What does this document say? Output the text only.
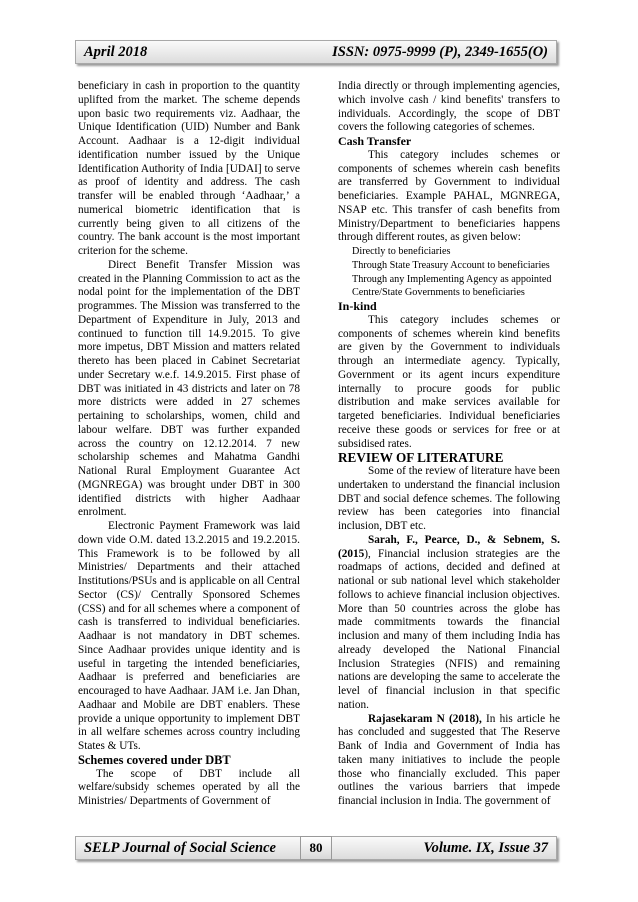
April 2018	ISSN: 0975-9999 (P), 2349-1655(O)

beneficiary in cash in proportion to the quantity uplifted from the market. The scheme depends upon basic two requirements viz. Aadhaar, the Unique Identification (UID) Number and Bank Account. Aadhaar is a 12-digit individual identification number issued by the Unique Identification Authority of India [UDAI] to serve as proof of identity and address. The cash transfer will be enabled through ‘Aadhaar,’ a numerical biometric identification that is currently being given to all citizens of the country. The bank account is the most important criterion for the scheme.

Direct Benefit Transfer Mission was created in the Planning Commission to act as the nodal point for the implementation of the DBT programmes. The Mission was transferred to the Department of Expenditure in July, 2013 and continued to function till 14.9.2015. To give more impetus, DBT Mission and matters related thereto has been placed in Cabinet Secretariat under Secretary w.e.f. 14.9.2015. First phase of DBT was initiated in 43 districts and later on 78 more districts were added in 27 schemes pertaining to scholarships, women, child and labour welfare. DBT was further expanded across the country on 12.12.2014. 7 new scholarship schemes and Mahatma Gandhi National Rural Employment Guarantee Act (MGNREGA) was brought under DBT in 300 identified districts with higher Aadhaar enrolment.

Electronic Payment Framework was laid down vide O.M. dated 13.2.2015 and 19.2.2015. This Framework is to be followed by all Ministries/ Departments and their attached Institutions/PSUs and is applicable on all Central Sector (CS)/ Centrally Sponsored Schemes (CSS) and for all schemes where a component of cash is transferred to individual beneficiaries. Aadhaar is not mandatory in DBT schemes. Since Aadhaar provides unique identity and is useful in targeting the intended beneficiaries, Aadhaar is preferred and beneficiaries are encouraged to have Aadhaar. JAM i.e. Jan Dhan, Aadhaar and Mobile are DBT enablers. These provide a unique opportunity to implement DBT in all welfare schemes across country including States & UTs.

Schemes covered under DBT

The scope of DBT include all welfare/subsidy schemes operated by all the Ministries/ Departments of Government of

India directly or through implementing agencies, which involve cash / kind benefits' transfers to individuals. Accordingly, the scope of DBT covers the following categories of schemes.

Cash Transfer

This category includes schemes or components of schemes wherein cash benefits are transferred by Government to individual beneficiaries. Example PAHAL, MGNREGA, NSAP etc. This transfer of cash benefits from Ministry/Department to beneficiaries happens through different routes, as given below:

Directly to beneficiaries
Through State Treasury Account to beneficiaries
Through any Implementing Agency as appointed
Centre/State Governments to beneficiaries

In-kind

This category includes schemes or components of schemes wherein kind benefits are given by the Government to individuals through an intermediate agency. Typically, Government or its agent incurs expenditure internally to procure goods for public distribution and make services available for targeted beneficiaries. Individual beneficiaries receive these goods or services for free or at subsidised rates.

REVIEW OF LITERATURE

Some of the review of literature have been undertaken to understand the financial inclusion DBT and social defence schemes. The following review has been categories into financial inclusion, DBT etc.

Sarah, F., Pearce, D., & Sebnem, S. (2015), Financial inclusion strategies are the roadmaps of actions, decided and defined at national or sub national level which stakeholder follows to achieve financial inclusion objectives. More than 50 countries across the globe has made commitments towards the financial inclusion and many of them including India has already developed the National Financial Inclusion Strategies (NFIS) and remaining nations are developing the same to accelerate the level of financial inclusion in that specific nation.

Rajasekaram N (2018), In his article he has concluded and suggested that The Reserve Bank of India and Government of India has taken many initiatives to include the people those who financially excluded. This paper outlines the various barriers that impede financial inclusion in India. The government of

SELP Journal of Social Science	80	Volume. IX, Issue 37
